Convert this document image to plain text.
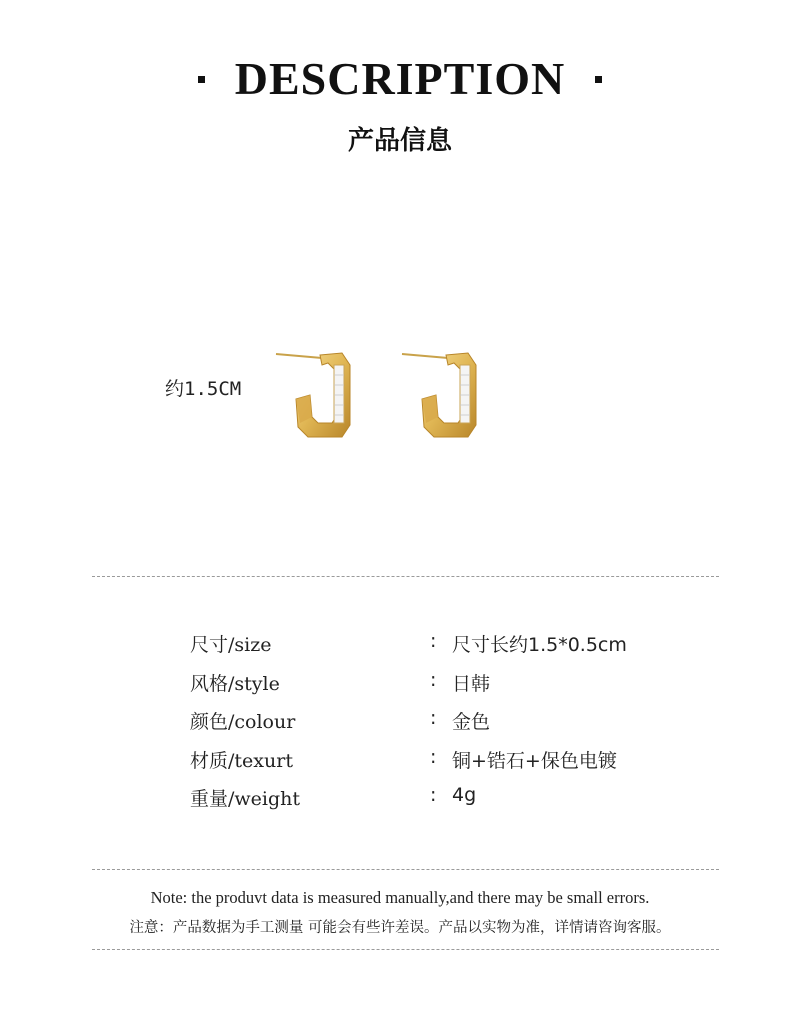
DESCRIPTION
产品信息
约1.5CM
尺寸/size	: 尺寸长约1.5*0.5cm
风格/style	: 日韩
颜色/colour	: 金色
材质/texurt	: 铜+锆石+保色电镀
重量/weight	: 4g
Note: the produvt data is measured manually,and there may be small errors.
注意：产品数据为手工测量 可能会有些许差误。产品以实物为准，详情请咨询客服。
